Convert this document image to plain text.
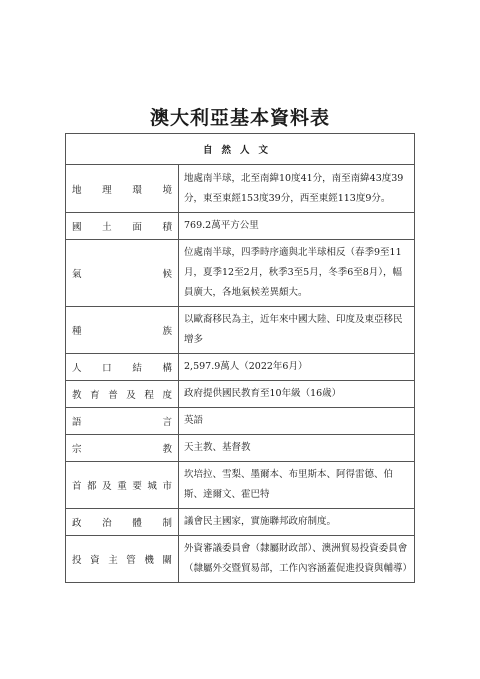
澳大利亞基本資料表
自然人文	

地理環境	地處南半球，北至南緯10度41分，南至南緯43度39分，東至東經153度39分，西至東經113度9分。

國土面積	769.2萬平方公里

氣候	位處南半球，四季時序適與北半球相反（春季9至11月，夏季12至2月，秋季3至5月，冬季6至8月），幅員廣大，各地氣候差異頗大。

種族	以歐裔移民為主，近年來中國大陸、印度及東亞移民增多

人口結構	2,597.9萬人（2022年6月）

教育普及程度	政府提供國民教育至10年級（16歲）

語言	英語

宗教	天主教、基督教

首都及重要城市	坎培拉、雪梨、墨爾本、布里斯本、阿得雷德、伯斯、達爾文、霍巴特

政治體制	議會民主國家，實施聯邦政府制度。

投資主管機關	外資審議委員會（隸屬財政部）、澳洲貿易投資委員會（隸屬外交暨貿易部，工作內容涵蓋促進投資與輔導）
